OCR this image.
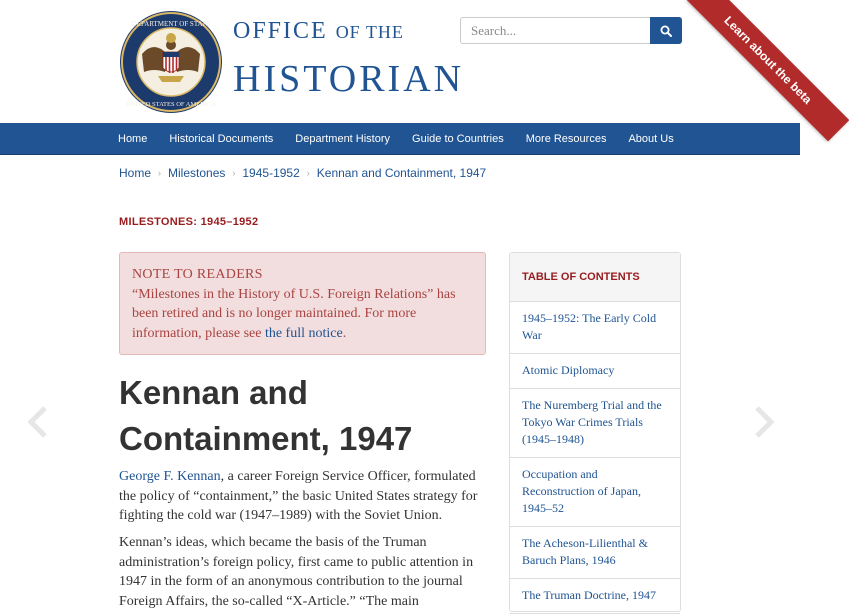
DEPARTMENT OF STATE
UNITED STATES OF AMERICA
OFFICE OF THE
HISTORIAN
Search...	Learn about the beta
Home	Historical Documents	Department History	Guide to Countries	More Resources	About Us
Home › Milestones › 1945-1952 › Kennan and Containment, 1947
MILESTONES: 1945–1952
NOTE TO READERS
“Milestones in the History of U.S. Foreign Relations” has been retired and is no longer maintained. For more information, please see the full notice.
Kennan and Containment, 1947

George F. Kennan, a career Foreign Service Officer, formulated the policy of “containment,” the basic United States strategy for fighting the cold war (1947–1989) with the Soviet Union.

Kennan’s ideas, which became the basis of the Truman administration’s foreign policy, first came to public attention in 1947 in the form of an anonymous contribution to the journal Foreign Affairs, the so-called “X-Article.” “The main

TABLE OF CONTENTS
1945–1952: The Early Cold War
Atomic Diplomacy
The Nuremberg Trial and the Tokyo War Crimes Trials (1945–1948)
Occupation and Reconstruction of Japan, 1945–52
The Acheson-Lilienthal & Baruch Plans, 1946
The Truman Doctrine, 1947
